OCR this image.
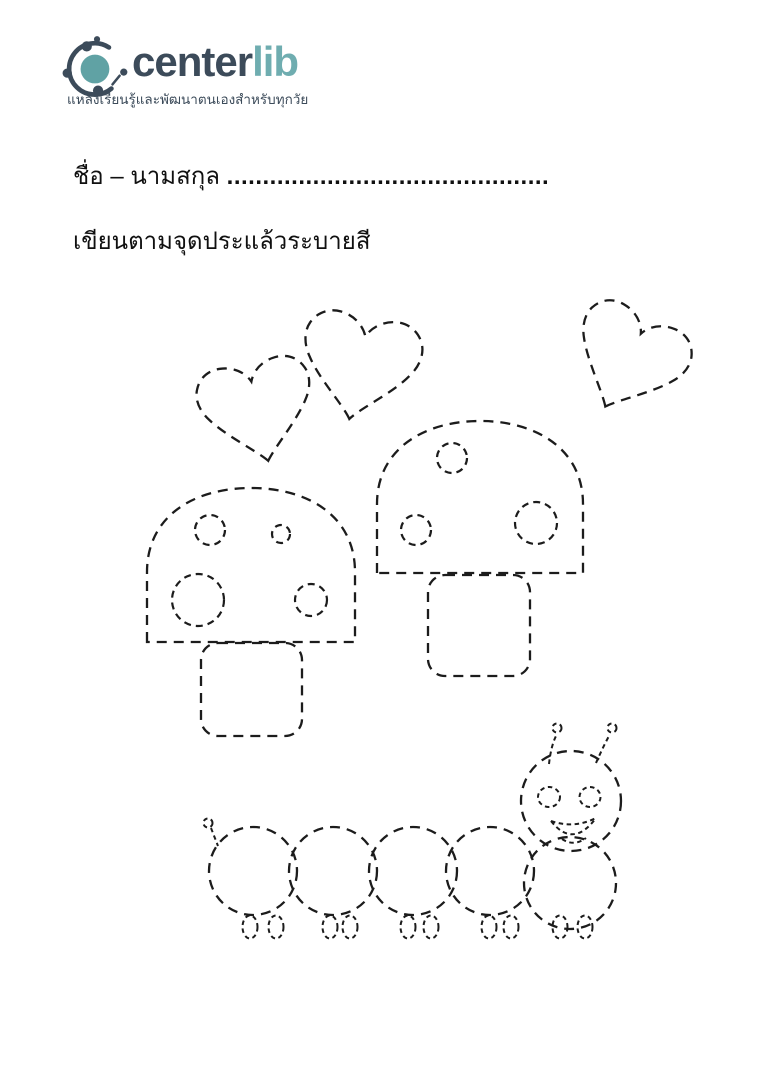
centerlib
แหล่งเรียนรู้และพัฒนาตนเองสำหรับทุกวัย
ชื่อ – นามสกุล .............................................
เขียนตามจุดประแล้วระบายสี
